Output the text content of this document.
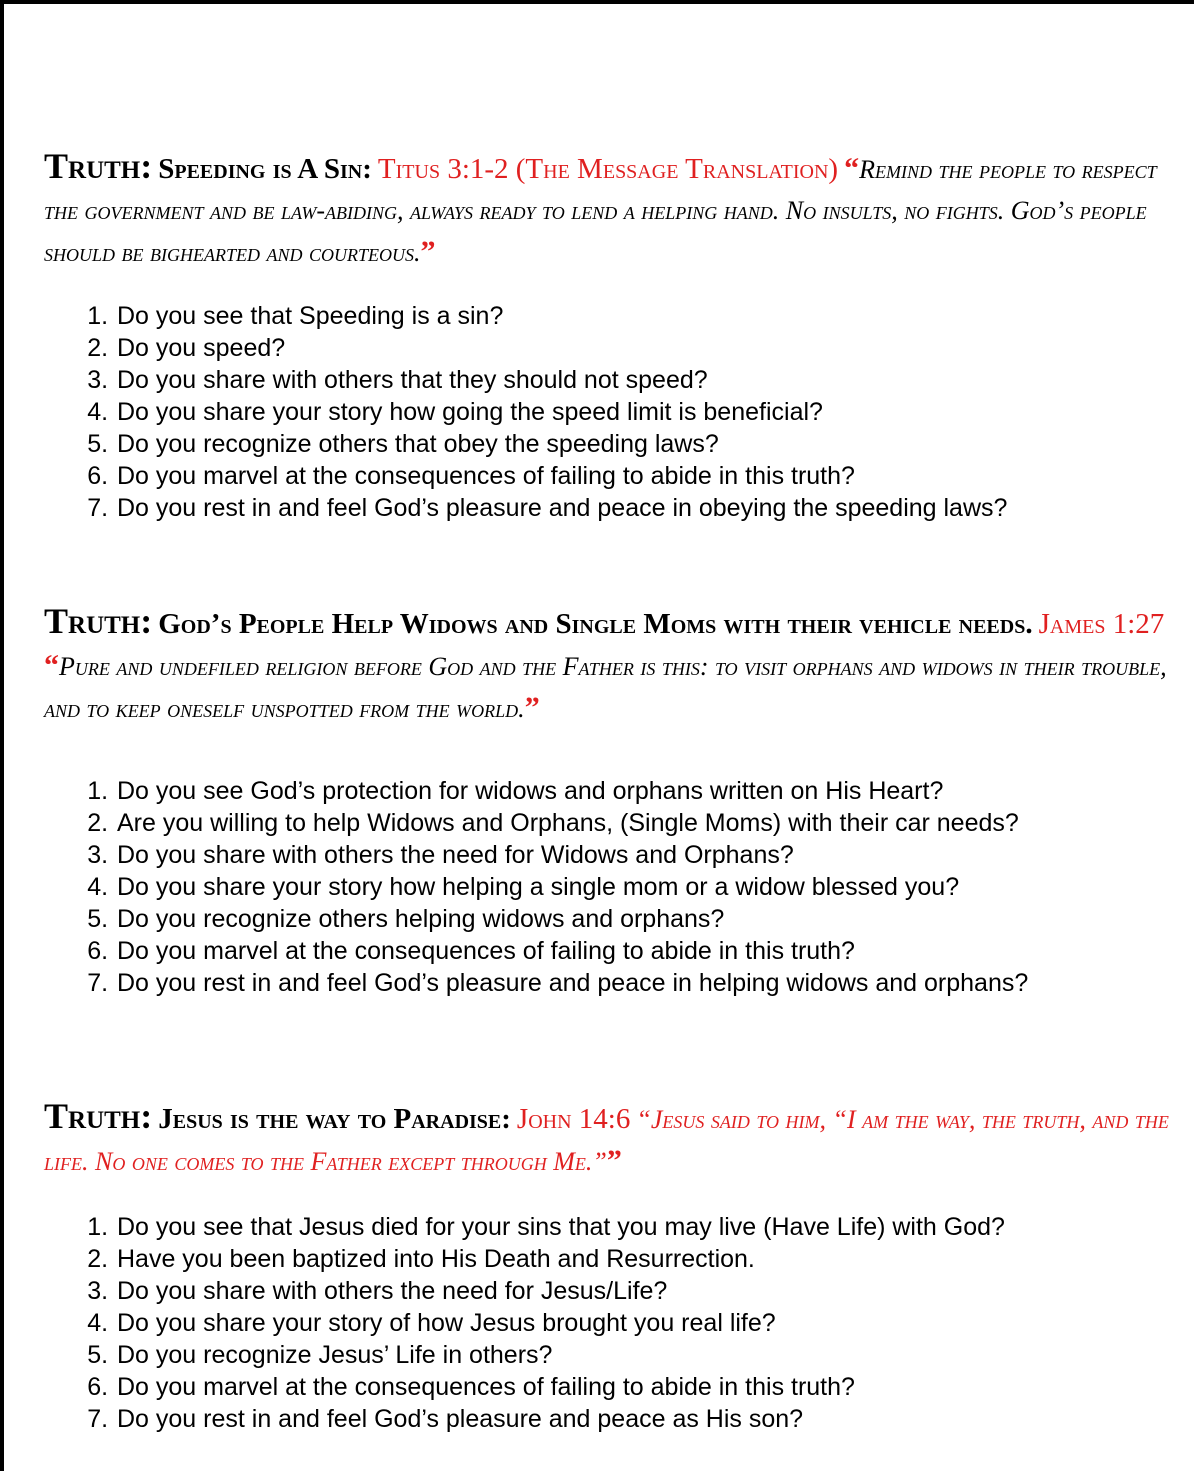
Truth: Speeding is A Sin: Titus 3:1-2 (The Message Translation) “Remind the people to respect the government and be law-abiding, always ready to lend a helping hand. No insults, no fights. God’s people should be bighearted and courteous.”

1. Do you see that Speeding is a sin?
2. Do you speed?
3. Do you share with others that they should not speed?
4. Do you share your story how going the speed limit is beneficial?
5. Do you recognize others that obey the speeding laws?
6. Do you marvel at the consequences of failing to abide in this truth?
7. Do you rest in and feel God’s pleasure and peace in obeying the speeding laws?

Truth: God’s People Help Widows and Single Moms with their vehicle needs. James 1:27 “Pure and undefiled religion before God and the Father is this: to visit orphans and widows in their trouble, and to keep oneself unspotted from the world.”

1. Do you see God’s protection for widows and orphans written on His Heart?
2. Are you willing to help Widows and Orphans, (Single Moms) with their car needs?
3. Do you share with others the need for Widows and Orphans?
4. Do you share your story how helping a single mom or a widow blessed you?
5. Do you recognize others helping widows and orphans?
6. Do you marvel at the consequences of failing to abide in this truth?
7. Do you rest in and feel God’s pleasure and peace in helping widows and orphans?

Truth: Jesus is the way to Paradise: John 14:6 “Jesus said to him, “I am the way, the truth, and the life. No one comes to the Father except through Me.””

1. Do you see that Jesus died for your sins that you may live (Have Life) with God?
2. Have you been baptized into His Death and Resurrection.
3. Do you share with others the need for Jesus/Life?
4. Do you share your story of how Jesus brought you real life?
5. Do you recognize Jesus’ Life in others?
6. Do you marvel at the consequences of failing to abide in this truth?
7. Do you rest in and feel God’s pleasure and peace as His son?
